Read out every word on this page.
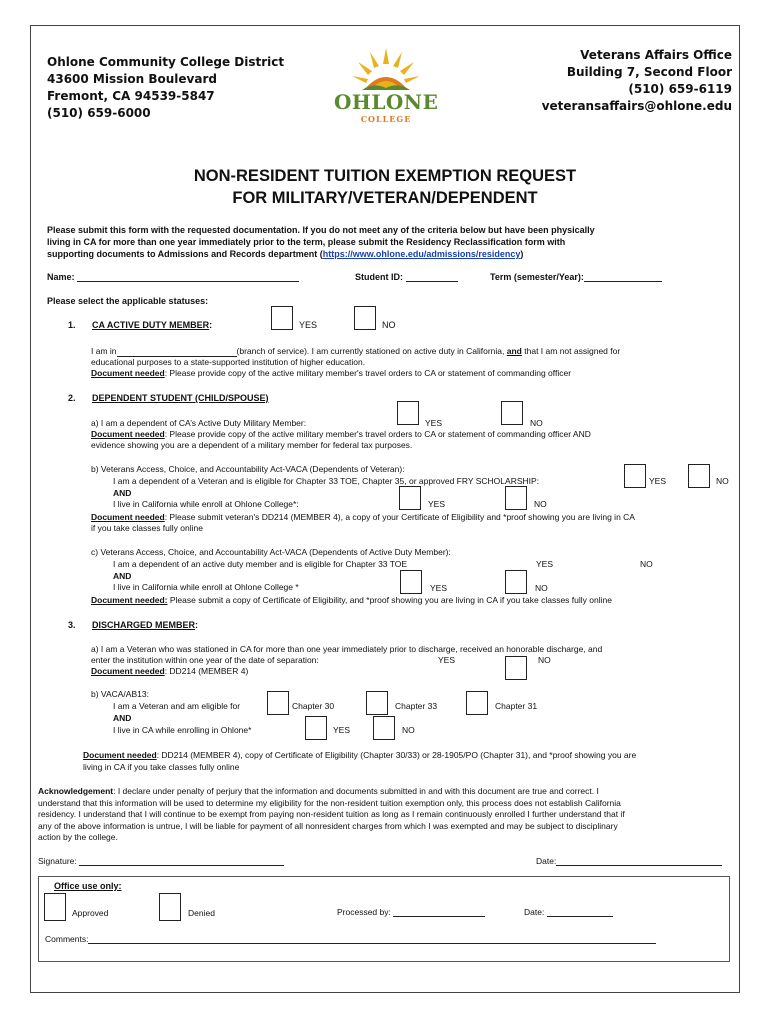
Ohlone Community College District
43600 Mission Boulevard
Fremont, CA 94539-5847
(510) 659-6000	OHLONE
COLLEGE
Veterans Affairs Office
Building 7, Second Floor
(510) 659-6119
veteransaffairs@ohlone.edu
NON-RESIDENT TUITION EXEMPTION REQUEST
FOR MILITARY/VETERAN/DEPENDENT
Please submit this form with the requested documentation. If you do not meet any of the criteria below but have been physically
living in CA for more than one year immediately prior to the term, please submit the Residency Reclassification form with
supporting documents to Admissions and Records department (https://www.ohlone.edu/admissions/residency)
Name:	Student ID:	Term (semester/Year):
Please select the applicable statuses:
1. CA ACTIVE DUTY MEMBER:	YES	NO
I am in	(branch of service). I am currently stationed on active duty in California, and that I am not assigned for
educational purposes to a state-supported institution of higher education.
Document needed: Please provide copy of the active military member's travel orders to CA or statement of commanding officer
2. DEPENDENT STUDENT (CHILD/SPOUSE)
a) I am a dependent of CA’s Active Duty Military Member:	YES	NO
Document needed: Please provide copy of the active military member's travel orders to CA or statement of commanding officer AND
evidence showing you are a dependent of a military member for federal tax purposes.
b) Veterans Access, Choice, and Accountability Act-VACA (Dependents of Veteran):
I am a dependent of a Veteran and is eligible for Chapter 33 TOE, Chapter 35, or approved FRY SCHOLARSHIP:	YES	NO
AND
I live in California while enroll at Ohlone College*:	YES	NO
Document needed: Please submit veteran's DD214 (MEMBER 4), a copy of your Certificate of Eligibility and *proof showing you are living in CA
if you take classes fully online
c) Veterans Access, Choice, and Accountability Act-VACA (Dependents of Active Duty Member):
I am a dependent of an active duty member and is eligible for Chapter 33 TOE	YES	NO
AND
I live in California while enroll at Ohlone College *	YES	NO
Document needed: Please submit a copy of Certificate of Eligibility, and *proof showing you are living in CA if you take classes fully online
3. DISCHARGED MEMBER:
a) I am a Veteran who was stationed in CA for more than one year immediately prior to discharge, received an honorable discharge, and
enter the institution within one year of the date of separation:	YES	NO
Document needed: DD214 (MEMBER 4)
b) VACA/AB13:
I am a Veteran and am eligible for	Chapter 30	Chapter 33	Chapter 31
AND
I live in CA while enrolling in Ohlone*	YES	NO
Document needed: DD214 (MEMBER 4), copy of Certificate of Eligibility (Chapter 30/33) or 28-1905/PO (Chapter 31), and *proof showing you are
living in CA if you take classes fully online
Acknowledgement: I declare under penalty of perjury that the information and documents submitted in and with this document are true and correct. I
understand that this information will be used to determine my eligibility for the non-resident tuition exemption only, this process does not establish California
residency. I understand that I will continue to be exempt from paying non-resident tuition as long as I remain continuously enrolled I further understand that if
any of the above information is untrue, I will be liable for payment of all nonresident charges from which I was exempted and may be subject to disciplinary
action by the college.
Signature:	Date:
Office use only:
Approved	Denied	Processed by:	Date:
Comments:
